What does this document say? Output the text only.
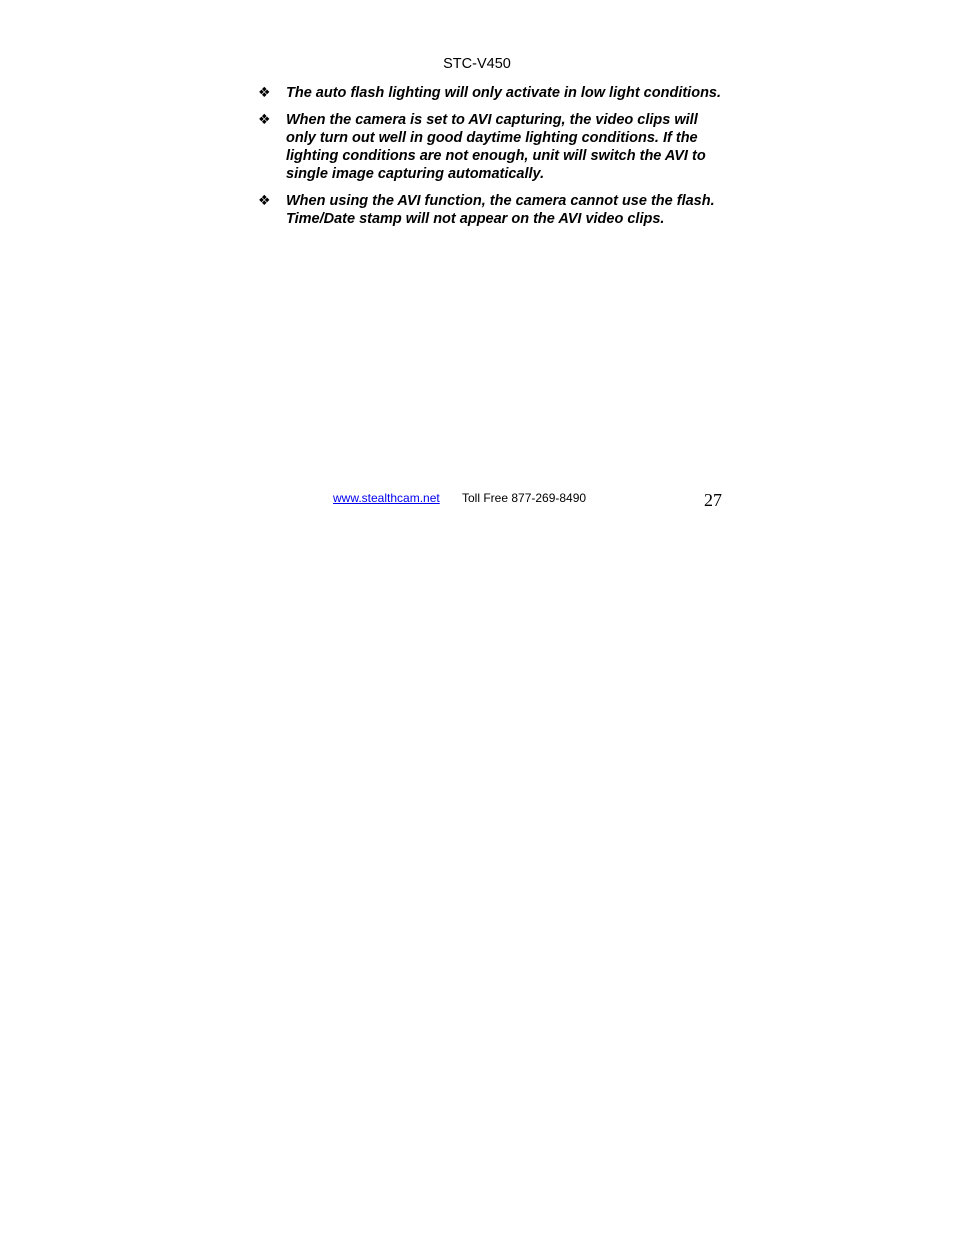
STC-V450
❖ The auto flash lighting will only activate in low light conditions.
❖ When the camera is set to AVI capturing, the video clips will only turn out well in good daytime lighting conditions. If the lighting conditions are not enough, unit will switch the AVI to single image capturing automatically.
❖ When using the AVI function, the camera cannot use the flash. Time/Date stamp will not appear on the AVI video clips.
www.stealthcam.net Toll Free 877-269-8490	27
